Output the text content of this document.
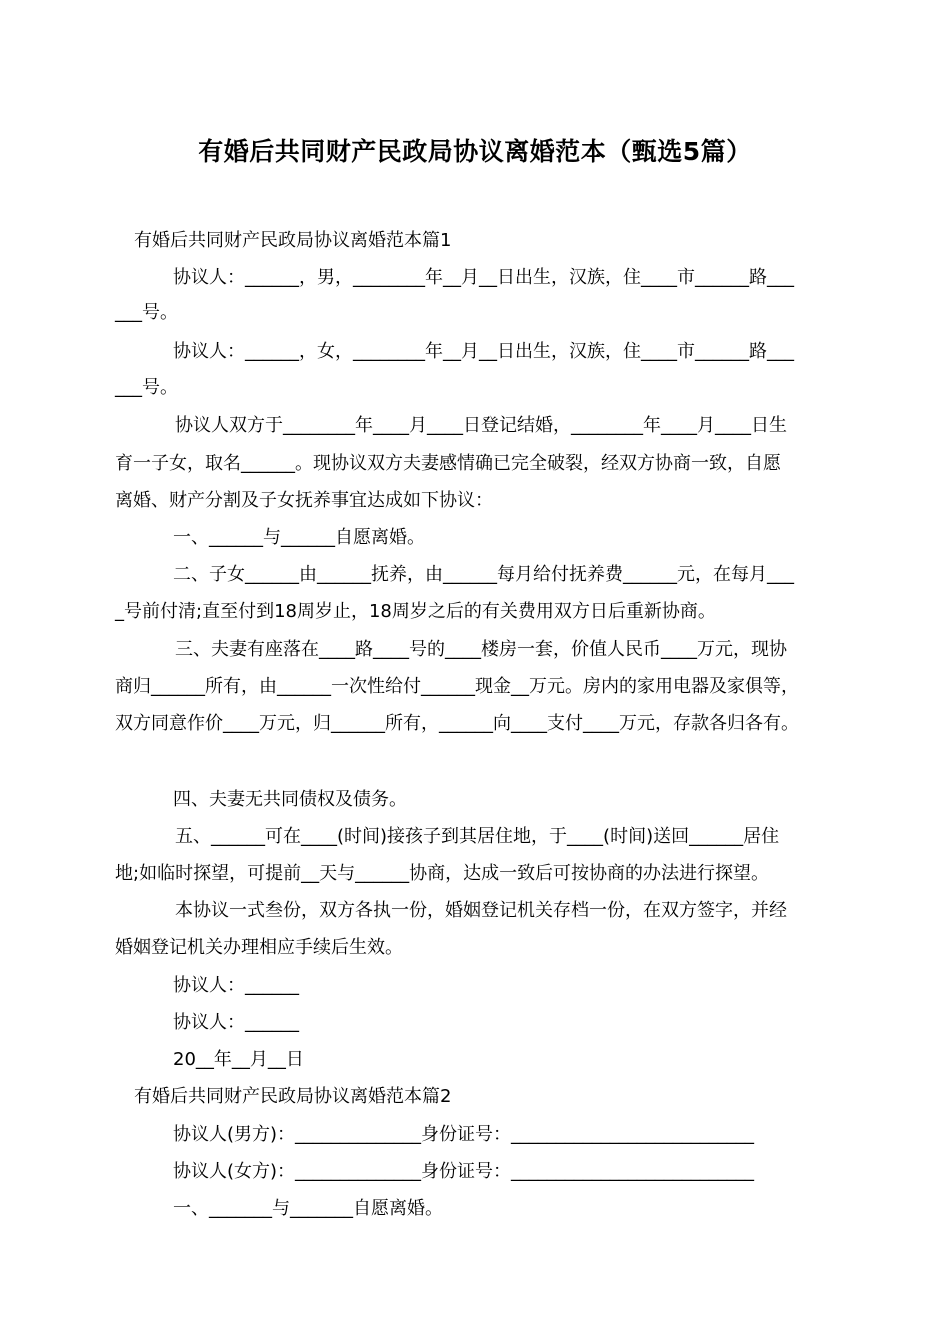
有婚后共同财产民政局协议离婚范本（甄选5篇）
有婚后共同财产民政局协议离婚范本篇1
协议人：______，男，________年__月__日出生，汉族，住____市______路___
___号。
协议人：______，女，________年__月__日出生，汉族，住____市______路___
___号。
协议人双方于________年____月____日登记结婚，________年____月____日生
育一子女，取名______。现协议双方夫妻感情确已完全破裂，经双方协商一致，自愿
离婚、财产分割及子女抚养事宜达成如下协议：
一、______与______自愿离婚。
二、子女______由______抚养，由______每月给付抚养费______元，在每月___
_号前付清;直至付到18周岁止，18周岁之后的有关费用双方日后重新协商。
三、夫妻有座落在____路____号的____楼房一套，价值人民币____万元，现协
商归______所有，由______一次性给付______现金__万元。房内的家用电器及家俱等，
双方同意作价____万元，归______所有，______向____支付____万元，存款各归各有。
四、夫妻无共同债权及债务。
五、______可在____(时间)接孩子到其居住地，于____(时间)送回______居住
地;如临时探望，可提前__天与______协商，达成一致后可按协商的办法进行探望。
本协议一式叁份，双方各执一份，婚姻登记机关存档一份，在双方签字，并经
婚姻登记机关办理相应手续后生效。
协议人：______
协议人：______
20__年__月__日
有婚后共同财产民政局协议离婚范本篇2
协议人(男方)：______________身份证号：___________________________
协议人(女方)：______________身份证号：___________________________
一、_______与_______自愿离婚。
